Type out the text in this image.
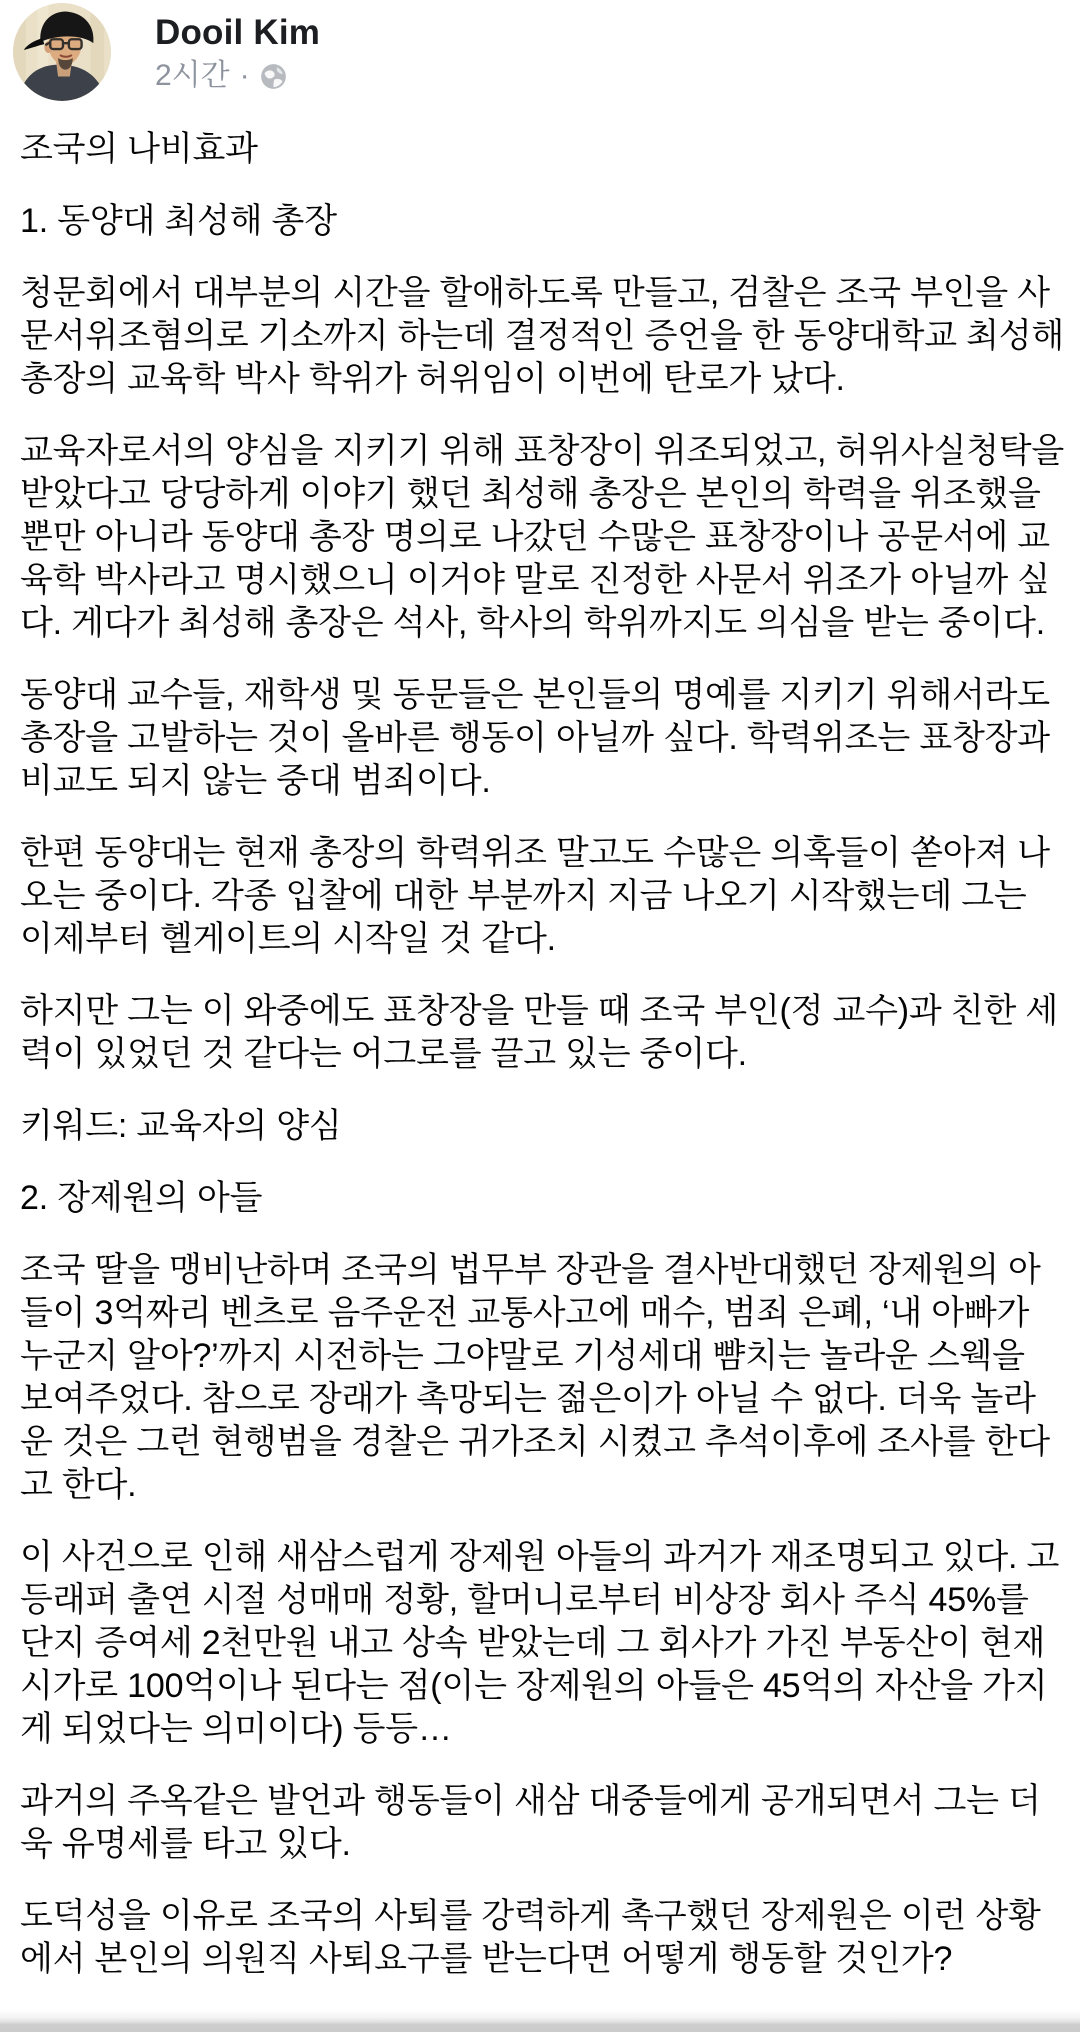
Dooil Kim
2시간 ·

조국의 나비효과

1. 동양대 최성해 총장

청문회에서 대부분의 시간을 할애하도록 만들고, 검찰은 조국 부인을 사문서위조혐의로 기소까지 하는데 결정적인 증언을 한 동양대학교 최성해 총장의 교육학 박사 학위가 허위임이 이번에 탄로가 났다.

교육자로서의 양심을 지키기 위해 표창장이 위조되었고, 허위사실청탁을 받았다고 당당하게 이야기 했던 최성해 총장은 본인의 학력을 위조했을 뿐만 아니라 동양대 총장 명의로 나갔던 수많은 표창장이나 공문서에 교육학 박사라고 명시했으니 이거야 말로 진정한 사문서 위조가 아닐까 싶다. 게다가 최성해 총장은 석사, 학사의 학위까지도 의심을 받는 중이다.

동양대 교수들, 재학생 및 동문들은 본인들의 명예를 지키기 위해서라도 총장을 고발하는 것이 올바른 행동이 아닐까 싶다. 학력위조는 표창장과 비교도 되지 않는 중대 범죄이다.

한편 동양대는 현재 총장의 학력위조 말고도 수많은 의혹들이 쏟아져 나오는 중이다. 각종 입찰에 대한 부분까지 지금 나오기 시작했는데 그는 이제부터 헬게이트의 시작일 것 같다.

하지만 그는 이 와중에도 표창장을 만들 때 조국 부인(정 교수)과 친한 세력이 있었던 것 같다는 어그로를 끌고 있는 중이다.

키워드: 교육자의 양심

2. 장제원의 아들

조국 딸을 맹비난하며 조국의 법무부 장관을 결사반대했던 장제원의 아들이 3억짜리 벤츠로 음주운전 교통사고에 매수, 범죄 은폐, ‘내 아빠가 누군지 알아?’까지 시전하는 그야말로 기성세대 뺨치는 놀라운 스웩을 보여주었다. 참으로 장래가 촉망되는 젊은이가 아닐 수 없다. 더욱 놀라운 것은 그런 현행범을 경찰은 귀가조치 시켰고 추석이후에 조사를 한다고 한다.

이 사건으로 인해 새삼스럽게 장제원 아들의 과거가 재조명되고 있다. 고등래퍼 출연 시절 성매매 정황, 할머니로부터 비상장 회사 주식 45%를 단지 증여세 2천만원 내고 상속 받았는데 그 회사가 가진 부동산이 현재 시가로 100억이나 된다는 점(이는 장제원의 아들은 45억의 자산을 가지게 되었다는 의미이다) 등등…

과거의 주옥같은 발언과 행동들이 새삼 대중들에게 공개되면서 그는 더욱 유명세를 타고 있다.

도덕성을 이유로 조국의 사퇴를 강력하게 촉구했던 장제원은 이런 상황에서 본인의 의원직 사퇴요구를 받는다면 어떻게 행동할 것인가?
